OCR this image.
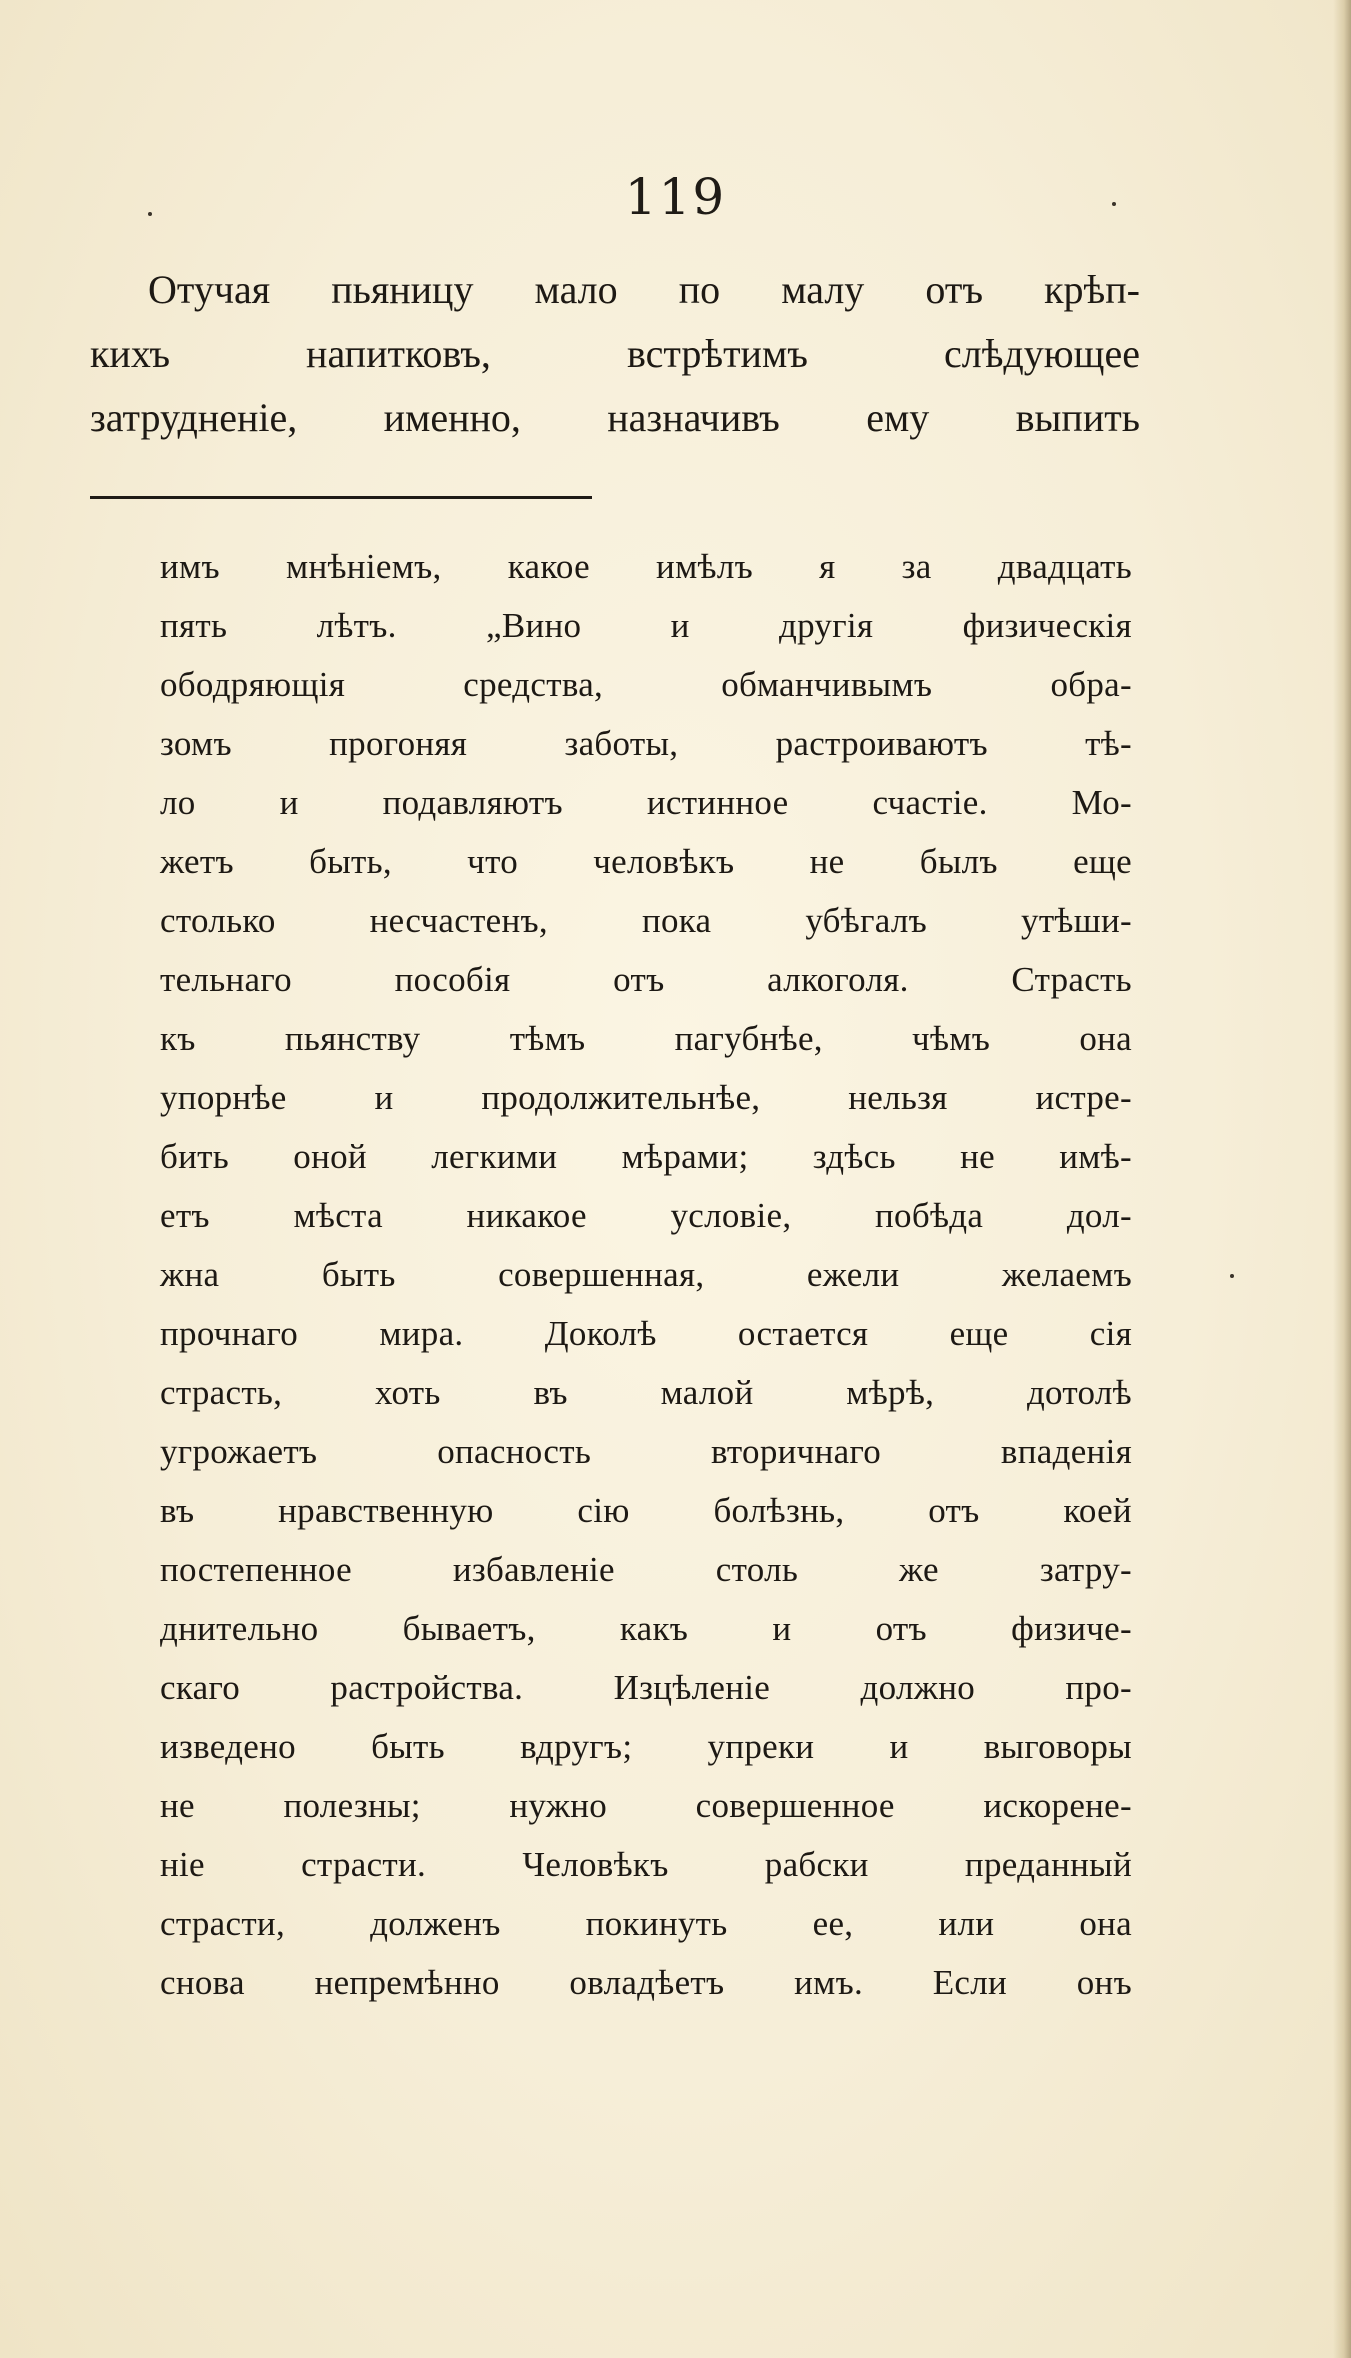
119

Отучая пьяницу мало по малу отъ крѣп-

кихъ	напитковъ,	встрѣтимъ	слѣдующее

затрудненіе, именно, назначивъ ему выпить

имъ мнѣніемъ, какое имѣлъ я за двадцать

пять	лѣтъ.	„Вино	и	другія	физическія

ободряющія	средства,	обманчивымъ	обра-

зомъ	прогоняя	заботы,	растроиваютъ	тѣ-

ло и подавляютъ истинное счастіе. Мо-

жетъ быть, что человѣкъ не былъ еще

столько	несчастенъ,	пока	убѣгалъ	утѣши-

тельнаго	пособія	отъ	алкоголя.	Страсть

къ	пьянству	тѣмъ	пагубнѣе,	чѣмъ	она

упорнѣе	и	продолжительнѣе,	нельзя	истре-

бить оной легкими мѣрами; здѣсь не имѣ-

етъ мѣста никакое условіе, побѣда дол-

жна	быть	совершенная,	ежели	желаемъ

прочнаго мира. Доколѣ остается еще сія

страсть,	хоть	въ	малой	мѣрѣ,	дотолѣ

угрожаетъ	опасность	вторичнаго	впаденія

въ нравственную сію болѣзнь, отъ коей

постепенное	избавленіе	столь	же	затру-

днительно бываетъ, какъ и отъ физиче-

скаго	растройства.	Изцѣленіе	должно	про-

изведено быть вдругъ; упреки и выговоры

не	полезны;	нужно	совершенное	искорене-

ніе	страсти.	Человѣкъ	рабски	преданный

страсти, долженъ покинуть ее, или она

снова непремѣнно овладѣетъ имъ. Если онъ
